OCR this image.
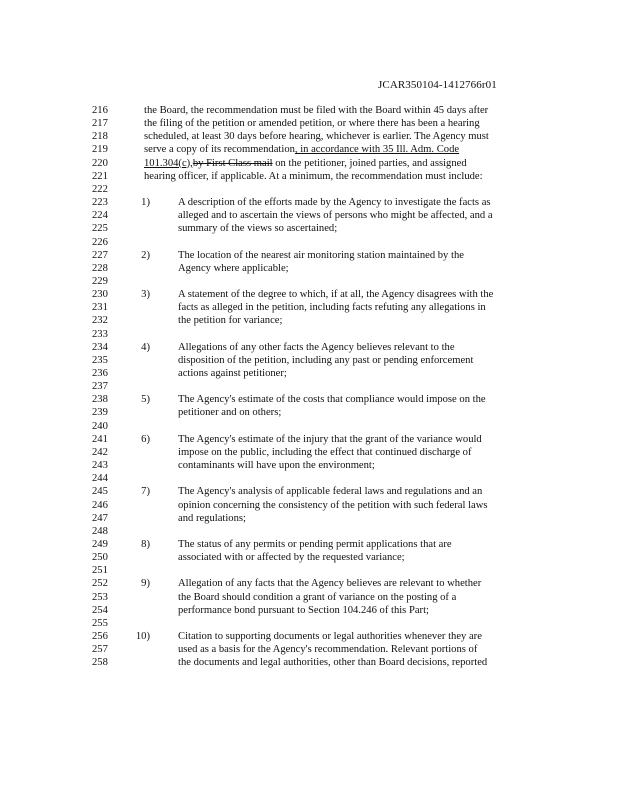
JCAR350104-1412766r01
216	the Board, the recommendation must be filed with the Board within 45 days after
217	the filing of the petition or amended petition, or where there has been a hearing
218	scheduled, at least 30 days before hearing, whichever is earlier. The Agency must
219	serve a copy of its recommendation, in accordance with 35 Ill. Adm. Code
220	101.304(c),by First Class mail on the petitioner, joined parties, and assigned
221	hearing officer, if applicable. At a minimum, the recommendation must include:
222
223	1)	A description of the efforts made by the Agency to investigate the facts as
224	alleged and to ascertain the views of persons who might be affected, and a
225	summary of the views so ascertained;
226
227	2)	The location of the nearest air monitoring station maintained by the
228	Agency where applicable;
229
230	3)	A statement of the degree to which, if at all, the Agency disagrees with the
231	facts as alleged in the petition, including facts refuting any allegations in
232	the petition for variance;
233
234	4)	Allegations of any other facts the Agency believes relevant to the
235	disposition of the petition, including any past or pending enforcement
236	actions against petitioner;
237
238	5)	The Agency's estimate of the costs that compliance would impose on the
239	petitioner and on others;
240
241	6)	The Agency's estimate of the injury that the grant of the variance would
242	impose on the public, including the effect that continued discharge of
243	contaminants will have upon the environment;
244
245	7)	The Agency's analysis of applicable federal laws and regulations and an
246	opinion concerning the consistency of the petition with such federal laws
247	and regulations;
248
249	8)	The status of any permits or pending permit applications that are
250	associated with or affected by the requested variance;
251
252	9)	Allegation of any facts that the Agency believes are relevant to whether
253	the Board should condition a grant of variance on the posting of a
254	performance bond pursuant to Section 104.246 of this Part;
255
256	10)	Citation to supporting documents or legal authorities whenever they are
257	used as a basis for the Agency's recommendation. Relevant portions of
258	the documents and legal authorities, other than Board decisions, reported
